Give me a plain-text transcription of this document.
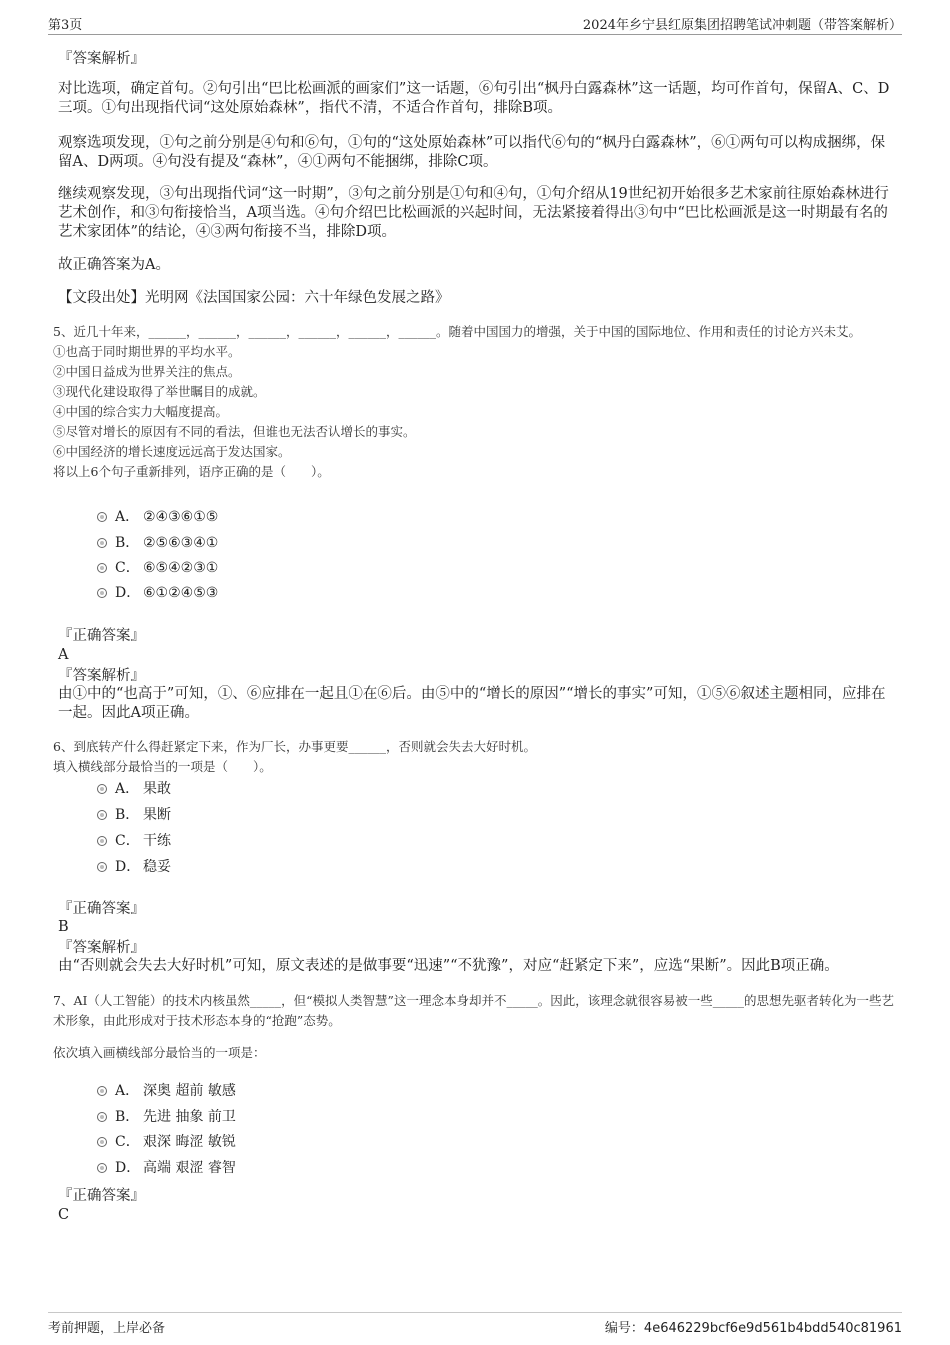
第3页	2024年乡宁县红原集团招聘笔试冲刺题（带答案解析）
『答案解析』
对比选项，确定首句。②句引出“巴比松画派的画家们”这一话题，⑥句引出“枫丹白露森林”这一话题，均可作首句，保留A、C、D三项。①句出现指代词“这处原始森林”，指代不清，不适合作首句，排除B项。
观察选项发现，①句之前分别是④句和⑥句，①句的“这处原始森林”可以指代⑥句的“枫丹白露森林”，⑥①两句可以构成捆绑，保留A、D两项。④句没有提及“森林”，④①两句不能捆绑，排除C项。
继续观察发现，③句出现指代词“这一时期”，③句之前分别是①句和④句，①句介绍从19世纪初开始很多艺术家前往原始森林进行艺术创作，和③句衔接恰当，A项当选。④句介绍巴比松画派的兴起时间，无法紧接着得出③句中“巴比松画派是这一时期最有名的艺术家团体”的结论，④③两句衔接不当，排除D项。
故正确答案为A。
【文段出处】光明网《法国国家公园：六十年绿色发展之路》

5、近几十年来，______，______，______，______，______，______。随着中国国力的增强，关于中国的国际地位、作用和责任的讨论方兴未艾。

①也高于同时期世界的平均水平。

②中国日益成为世界关注的焦点。

③现代化建设取得了举世瞩目的成就。

④中国的综合实力大幅度提高。

⑤尽管对增长的原因有不同的看法，但谁也无法否认增长的事实。

⑥中国经济的增长速度远远高于发达国家。

将以上6个句子重新排列，语序正确的是（　　）。

A． ②④③⑥①⑤
B． ②⑤⑥③④①
C． ⑥⑤④②③①
D． ⑥①②④⑤③
『正确答案』
A
『答案解析』
由①中的“也高于”可知，①、⑥应排在一起且①在⑥后。由⑤中的“增长的原因”“增长的事实”可知，①⑤⑥叙述主题相同，应排在一起。因此A项正确。

6、到底转产什么得赶紧定下来，作为厂长，办事更要______，否则就会失去大好时机。

填入横线部分最恰当的一项是（　　）。

A． 果敢
B． 果断
C． 干练
D． 稳妥
『正确答案』
B
『答案解析』
由“否则就会失去大好时机”可知，原文表述的是做事要“迅速”“不犹豫”，对应“赶紧定下来”，应选“果断”。因此B项正确。

7、AI（人工智能）的技术内核虽然_____，但“模拟人类智慧”这一理念本身却并不_____。因此，该理念就很容易被一些_____的思想先驱者转化为一些艺术形象，由此形成对于技术形态本身的“抢跑”态势。

依次填入画横线部分最恰当的一项是：

A． 深奥 超前 敏感
B． 先进 抽象 前卫
C． 艰深 晦涩 敏锐
D． 高端 艰涩 睿智
『正确答案』
C
考前押题，上岸必备	编号：4e646229bcf6e9d561b4bdd540c81961
